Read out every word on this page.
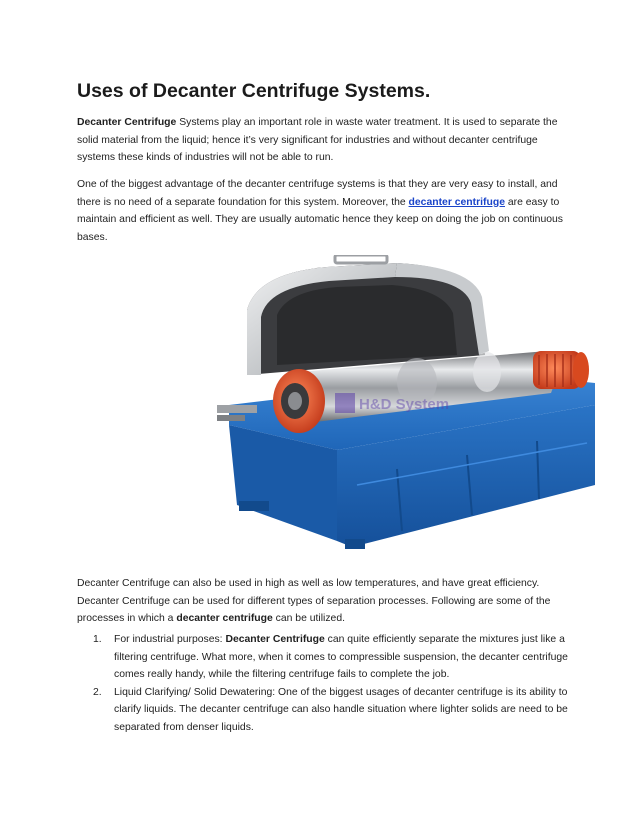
Uses of Decanter Centrifuge Systems.

Decanter Centrifuge Systems play an important role in waste water treatment. It is used to separate the solid material from the liquid; hence it’s very significant for industries and without decanter centrifuge systems these kinds of industries will not be able to run.

One of the biggest advantage of the decanter centrifuge systems is that they are very easy to install, and there is no need of a separate foundation for this system. Moreover, the decanter centrifuge are easy to maintain and efficient as well. They are usually automatic hence they keep on doing the job on continuous bases.

H&D System

Decanter Centrifuge can also be used in high as well as low temperatures, and have great efficiency. Decanter Centrifuge can be used for different types of separation processes. Following are some of the processes in which a decanter centrifuge can be utilized.

1. For industrial purposes: Decanter Centrifuge can quite efficiently separate the mixtures just like a filtering centrifuge. What more, when it comes to compressible suspension, the decanter centrifuge comes really handy, while the filtering centrifuge fails to complete the job.
2. Liquid Clarifying/ Solid Dewatering: One of the biggest usages of decanter centrifuge is its ability to clarify liquids. The decanter centrifuge can also handle situation where lighter solids are need to be separated from denser liquids.
